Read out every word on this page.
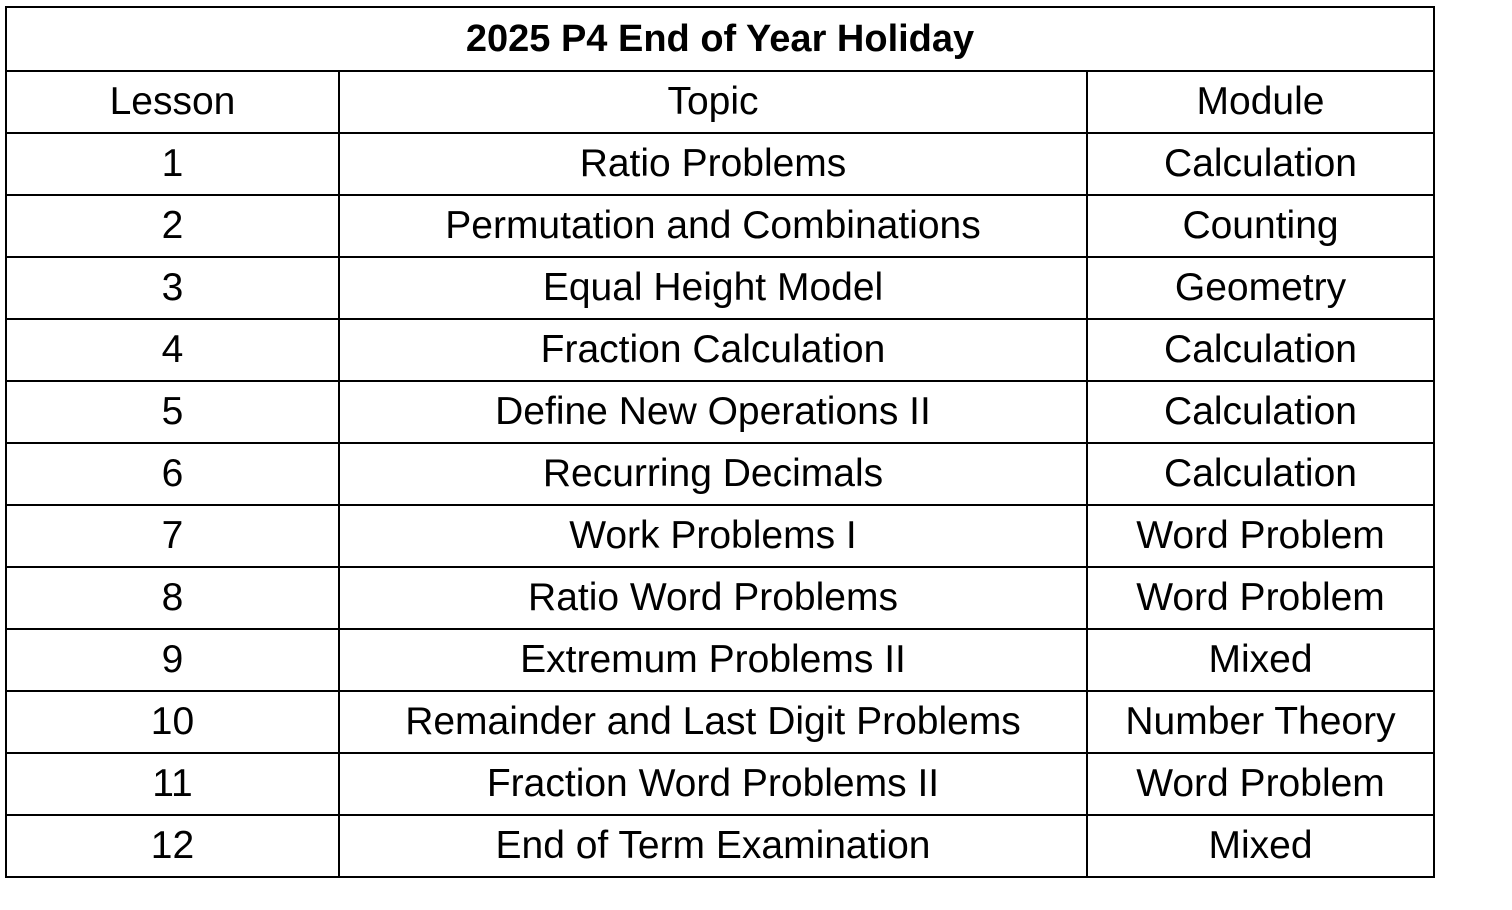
2025 P4 End of Year Holiday		
Lesson	Topic	Module
1	Ratio Problems	Calculation
2	Permutation and Combinations	Counting
3	Equal Height Model	Geometry
4	Fraction Calculation	Calculation
5	Define New Operations II	Calculation
6	Recurring Decimals	Calculation
7	Work Problems I	Word Problem
8	Ratio Word Problems	Word Problem
9	Extremum Problems II	Mixed
10	Remainder and Last Digit Problems	Number Theory
11	Fraction Word Problems II	Word Problem
12	End of Term Examination	Mixed
